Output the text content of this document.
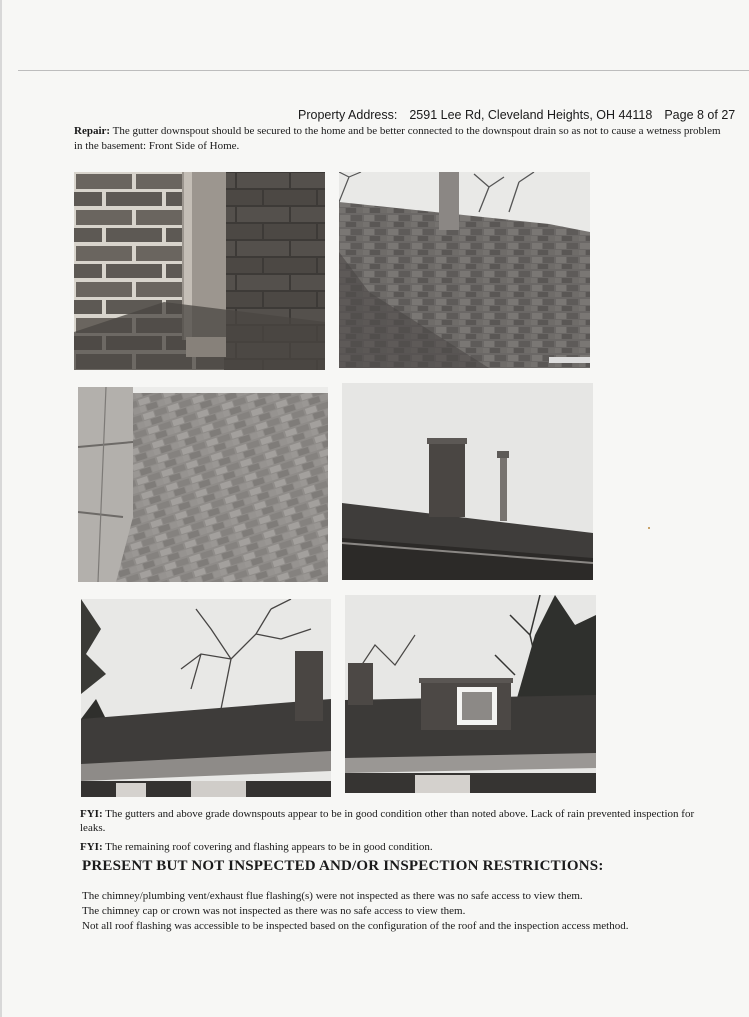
Property Address: 2591 Lee Rd, Cleveland Heights, OH 44118 Page 8 of 27
Repair: The gutter downspout should be secured to the home and be better connected to the downspout drain so as not to cause a wetness problem in the basement: Front Side of Home.
FYI: The gutters and above grade downspouts appear to be in good condition other than noted above. Lack of rain prevented inspection for leaks.
FYI: The remaining roof covering and flashing appears to be in good condition.
PRESENT BUT NOT INSPECTED AND/OR INSPECTION RESTRICTIONS:
The chimney/plumbing vent/exhaust flue flashing(s) were not inspected as there was no safe access to view them.
The chimney cap or crown was not inspected as there was no safe access to view them.
Not all roof flashing was accessible to be inspected based on the configuration of the roof and the inspection access method.
